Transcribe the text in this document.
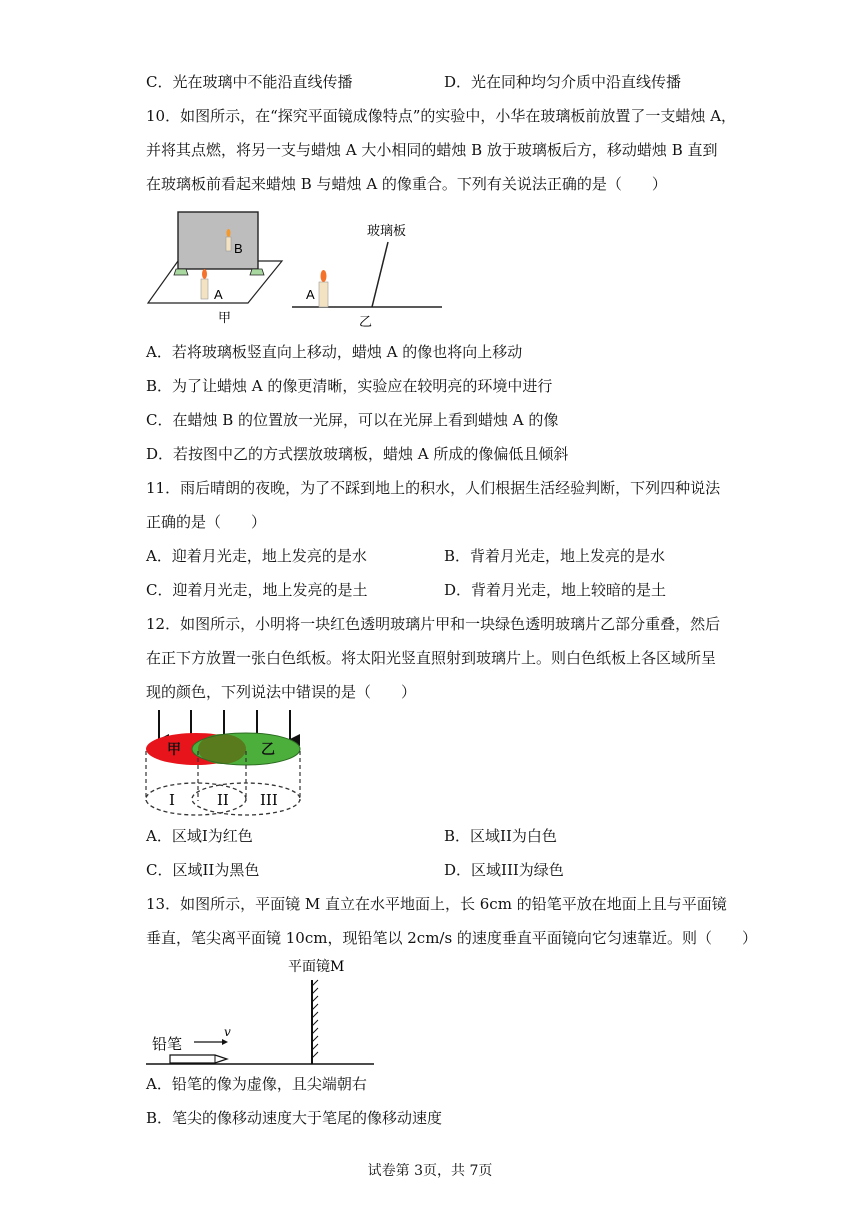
C．光在玻璃中不能沿直线传播	D．光在同种均匀介质中沿直线传播
10．如图所示，在“探究平面镜成像特点”的实验中，小华在玻璃板前放置了一支蜡烛 A，
并将其点燃，将另一支与蜡烛 A 大小相同的蜡烛 B 放于玻璃板后方，移动蜡烛 B 直到
在玻璃板前看起来蜡烛 B 与蜡烛 A 的像重合。下列有关说法正确的是（　　）
B
A
甲
玻璃板
A
乙
A．若将玻璃板竖直向上移动，蜡烛 A 的像也将向上移动
B．为了让蜡烛 A 的像更清晰，实验应在较明亮的环境中进行
C．在蜡烛 B 的位置放一光屏，可以在光屏上看到蜡烛 A 的像
D．若按图中乙的方式摆放玻璃板，蜡烛 A 所成的像偏低且倾斜
11．雨后晴朗的夜晚，为了不踩到地上的积水，人们根据生活经验判断，下列四种说法
正确的是（　　）
A．迎着月光走，地上发亮的是水	B．背着月光走，地上发亮的是水
C．迎着月光走，地上发亮的是土	D．背着月光走，地上较暗的是土
12．如图所示，小明将一块红色透明玻璃片甲和一块绿色透明玻璃片乙部分重叠，然后
在正下方放置一张白色纸板。将太阳光竖直照射到玻璃片上。则白色纸板上各区域所呈
现的颜色，下列说法中错误的是（　　）
甲	乙
I	II III
A．区域I为红色	B．区域II为白色
C．区域II为黑色	D．区域III为绿色
13．如图所示，平面镜 M 直立在水平地面上，长 6cm 的铅笔平放在地面上且与平面镜
垂直，笔尖离平面镜 10cm，现铅笔以 2cm/s 的速度垂直平面镜向它匀速靠近。则（　　）
平面镜M
铅笔
v
A．铅笔的像为虚像，且尖端朝右
B．笔尖的像移动速度大于笔尾的像移动速度
试卷第 3页，共 7页
